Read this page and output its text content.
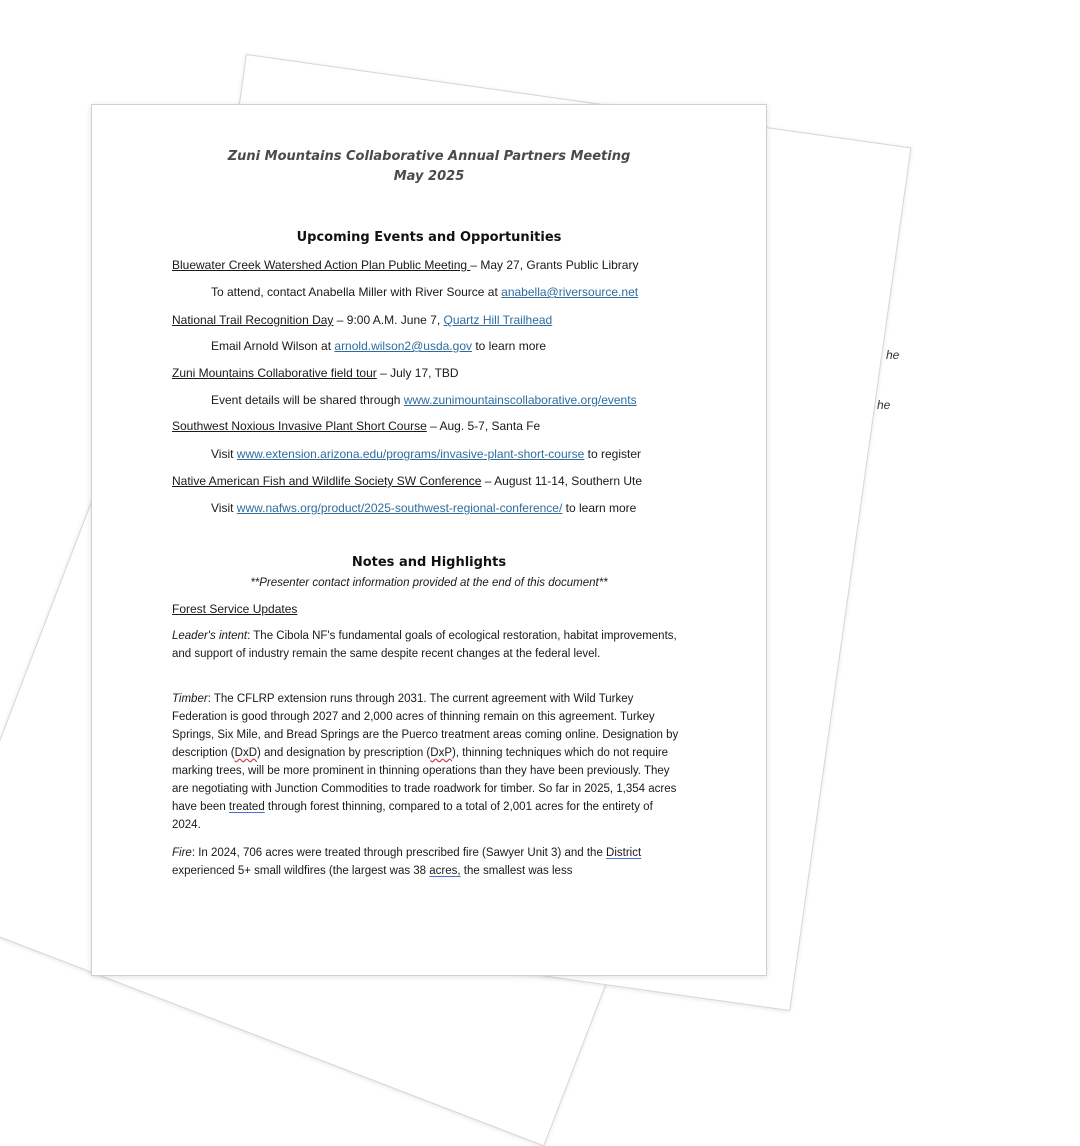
he
he
Zuni Mountains Collaborative Annual Partners Meeting
May 2025
Upcoming Events and Opportunities
Bluewater Creek Watershed Action Plan Public Meeting – May 27, Grants Public Library
To attend, contact Anabella Miller with River Source at anabella@riversource.net
National Trail Recognition Day – 9:00 A.M. June 7, Quartz Hill Trailhead
Email Arnold Wilson at arnold.wilson2@usda.gov to learn more
Zuni Mountains Collaborative field tour – July 17, TBD
Event details will be shared through www.zunimountainscollaborative.org/events
Southwest Noxious Invasive Plant Short Course – Aug. 5-7, Santa Fe
Visit www.extension.arizona.edu/programs/invasive-plant-short-course to register
Native American Fish and Wildlife Society SW Conference – August 11-14, Southern Ute
Visit www.nafws.org/product/2025-southwest-regional-conference/ to learn more
Notes and Highlights
**Presenter contact information provided at the end of this document**
Forest Service Updates
Leader's intent: The Cibola NF's fundamental goals of ecological restoration, habitat improvements, and support of industry remain the same despite recent changes at the federal level.
Timber: The CFLRP extension runs through 2031. The current agreement with Wild Turkey Federation is good through 2027 and 2,000 acres of thinning remain on this agreement. Turkey Springs, Six Mile, and Bread Springs are the Puerco treatment areas coming online. Designation by description (DxD) and designation by prescription (DxP), thinning techniques which do not require marking trees, will be more prominent in thinning operations than they have been previously. They are negotiating with Junction Commodities to trade roadwork for timber. So far in 2025, 1,354 acres have been treated through forest thinning, compared to a total of 2,001 acres for the entirety of 2024.
Fire: In 2024, 706 acres were treated through prescribed fire (Sawyer Unit 3) and the District experienced 5+ small wildfires (the largest was 38 acres, the smallest was less
